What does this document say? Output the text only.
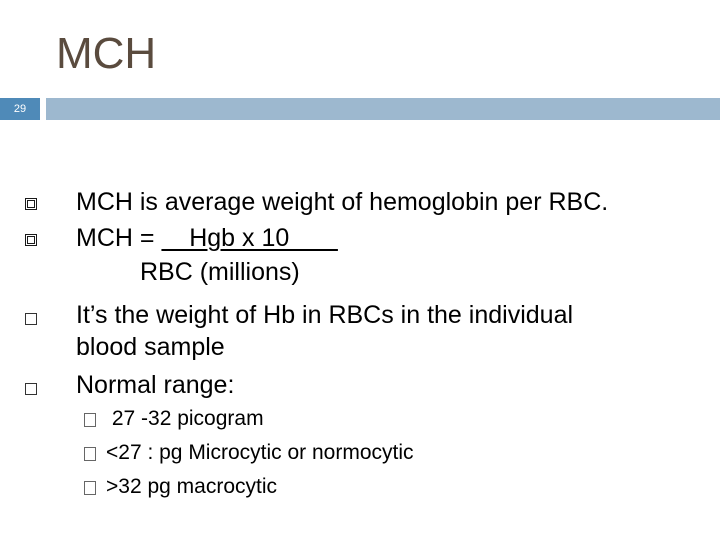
MCH
29
MCH is average weight of hemoglobin per RBC.
MCH =     Hgb x 10
RBC (millions)
It’s the weight of Hb in RBCs in the individual
blood sample
Normal range:
27 -32 picogram
<27 : pg Microcytic or normocytic
>32 pg macrocytic
